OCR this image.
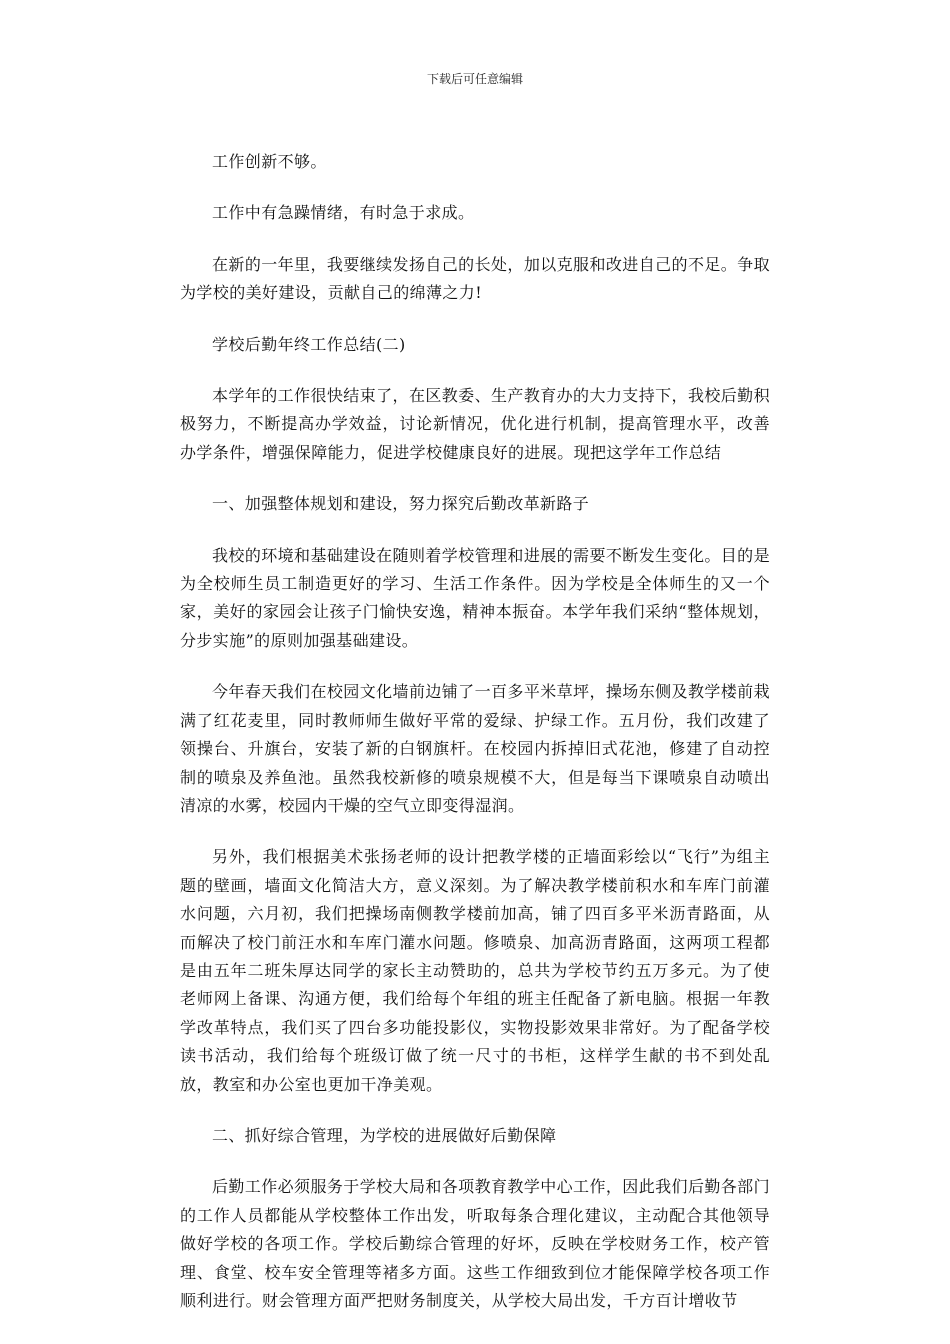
下载后可任意编辑

工作创新不够。

工作中有急躁情绪，有时急于求成。

在新的一年里，我要继续发扬自己的长处，加以克服和改进自己的不足。争取为学校的美好建设，贡献自己的绵薄之力!

学校后勤年终工作总结(二)

本学年的工作很快结束了，在区教委、生产教育办的大力支持下，我校后勤积极努力，不断提高办学效益，讨论新情况，优化进行机制，提高管理水平，改善办学条件，增强保障能力，促进学校健康良好的进展。现把这学年工作总结

一、加强整体规划和建设，努力探究后勤改革新路子

我校的环境和基础建设在随则着学校管理和进展的需要不断发生变化。目的是为全校师生员工制造更好的学习、生活工作条件。因为学校是全体师生的又一个家，美好的家园会让孩子门愉快安逸，精神本振奋。本学年我们采纳“整体规划，分步实施”的原则加强基础建设。

今年春天我们在校园文化墙前边铺了一百多平米草坪，操场东侧及教学楼前栽满了红花麦里，同时教师师生做好平常的爱绿、护绿工作。五月份，我们改建了领操台、升旗台，安装了新的白钢旗杆。在校园内拆掉旧式花池，修建了自动控制的喷泉及养鱼池。虽然我校新修的喷泉规模不大，但是每当下课喷泉自动喷出清凉的水雾，校园内干燥的空气立即变得湿润。

另外，我们根据美术张扬老师的设计把教学楼的正墙面彩绘以“飞行”为组主题的壁画，墙面文化简洁大方，意义深刻。为了解决教学楼前积水和车库门前灌水问题，六月初，我们把操场南侧教学楼前加高，铺了四百多平米沥青路面，从而解决了校门前汪水和车库门灌水问题。修喷泉、加高沥青路面，这两项工程都是由五年二班朱厚达同学的家长主动赞助的，总共为学校节约五万多元。为了使老师网上备课、沟通方便，我们给每个年组的班主任配备了新电脑。根据一年教学改革特点，我们买了四台多功能投影仪，实物投影效果非常好。为了配备学校读书活动，我们给每个班级订做了统一尺寸的书柜，这样学生献的书不到处乱放，教室和办公室也更加干净美观。

二、抓好综合管理，为学校的进展做好后勤保障

后勤工作必须服务于学校大局和各项教育教学中心工作，因此我们后勤各部门的工作人员都能从学校整体工作出发，听取每条合理化建议，主动配合其他领导做好学校的各项工作。学校后勤综合管理的好坏，反映在学校财务工作，校产管理、食堂、校车安全管理等褚多方面。这些工作细致到位才能保障学校各项工作顺利进行。财会管理方面严把财务制度关，从学校大局出发，千方百计增收节
